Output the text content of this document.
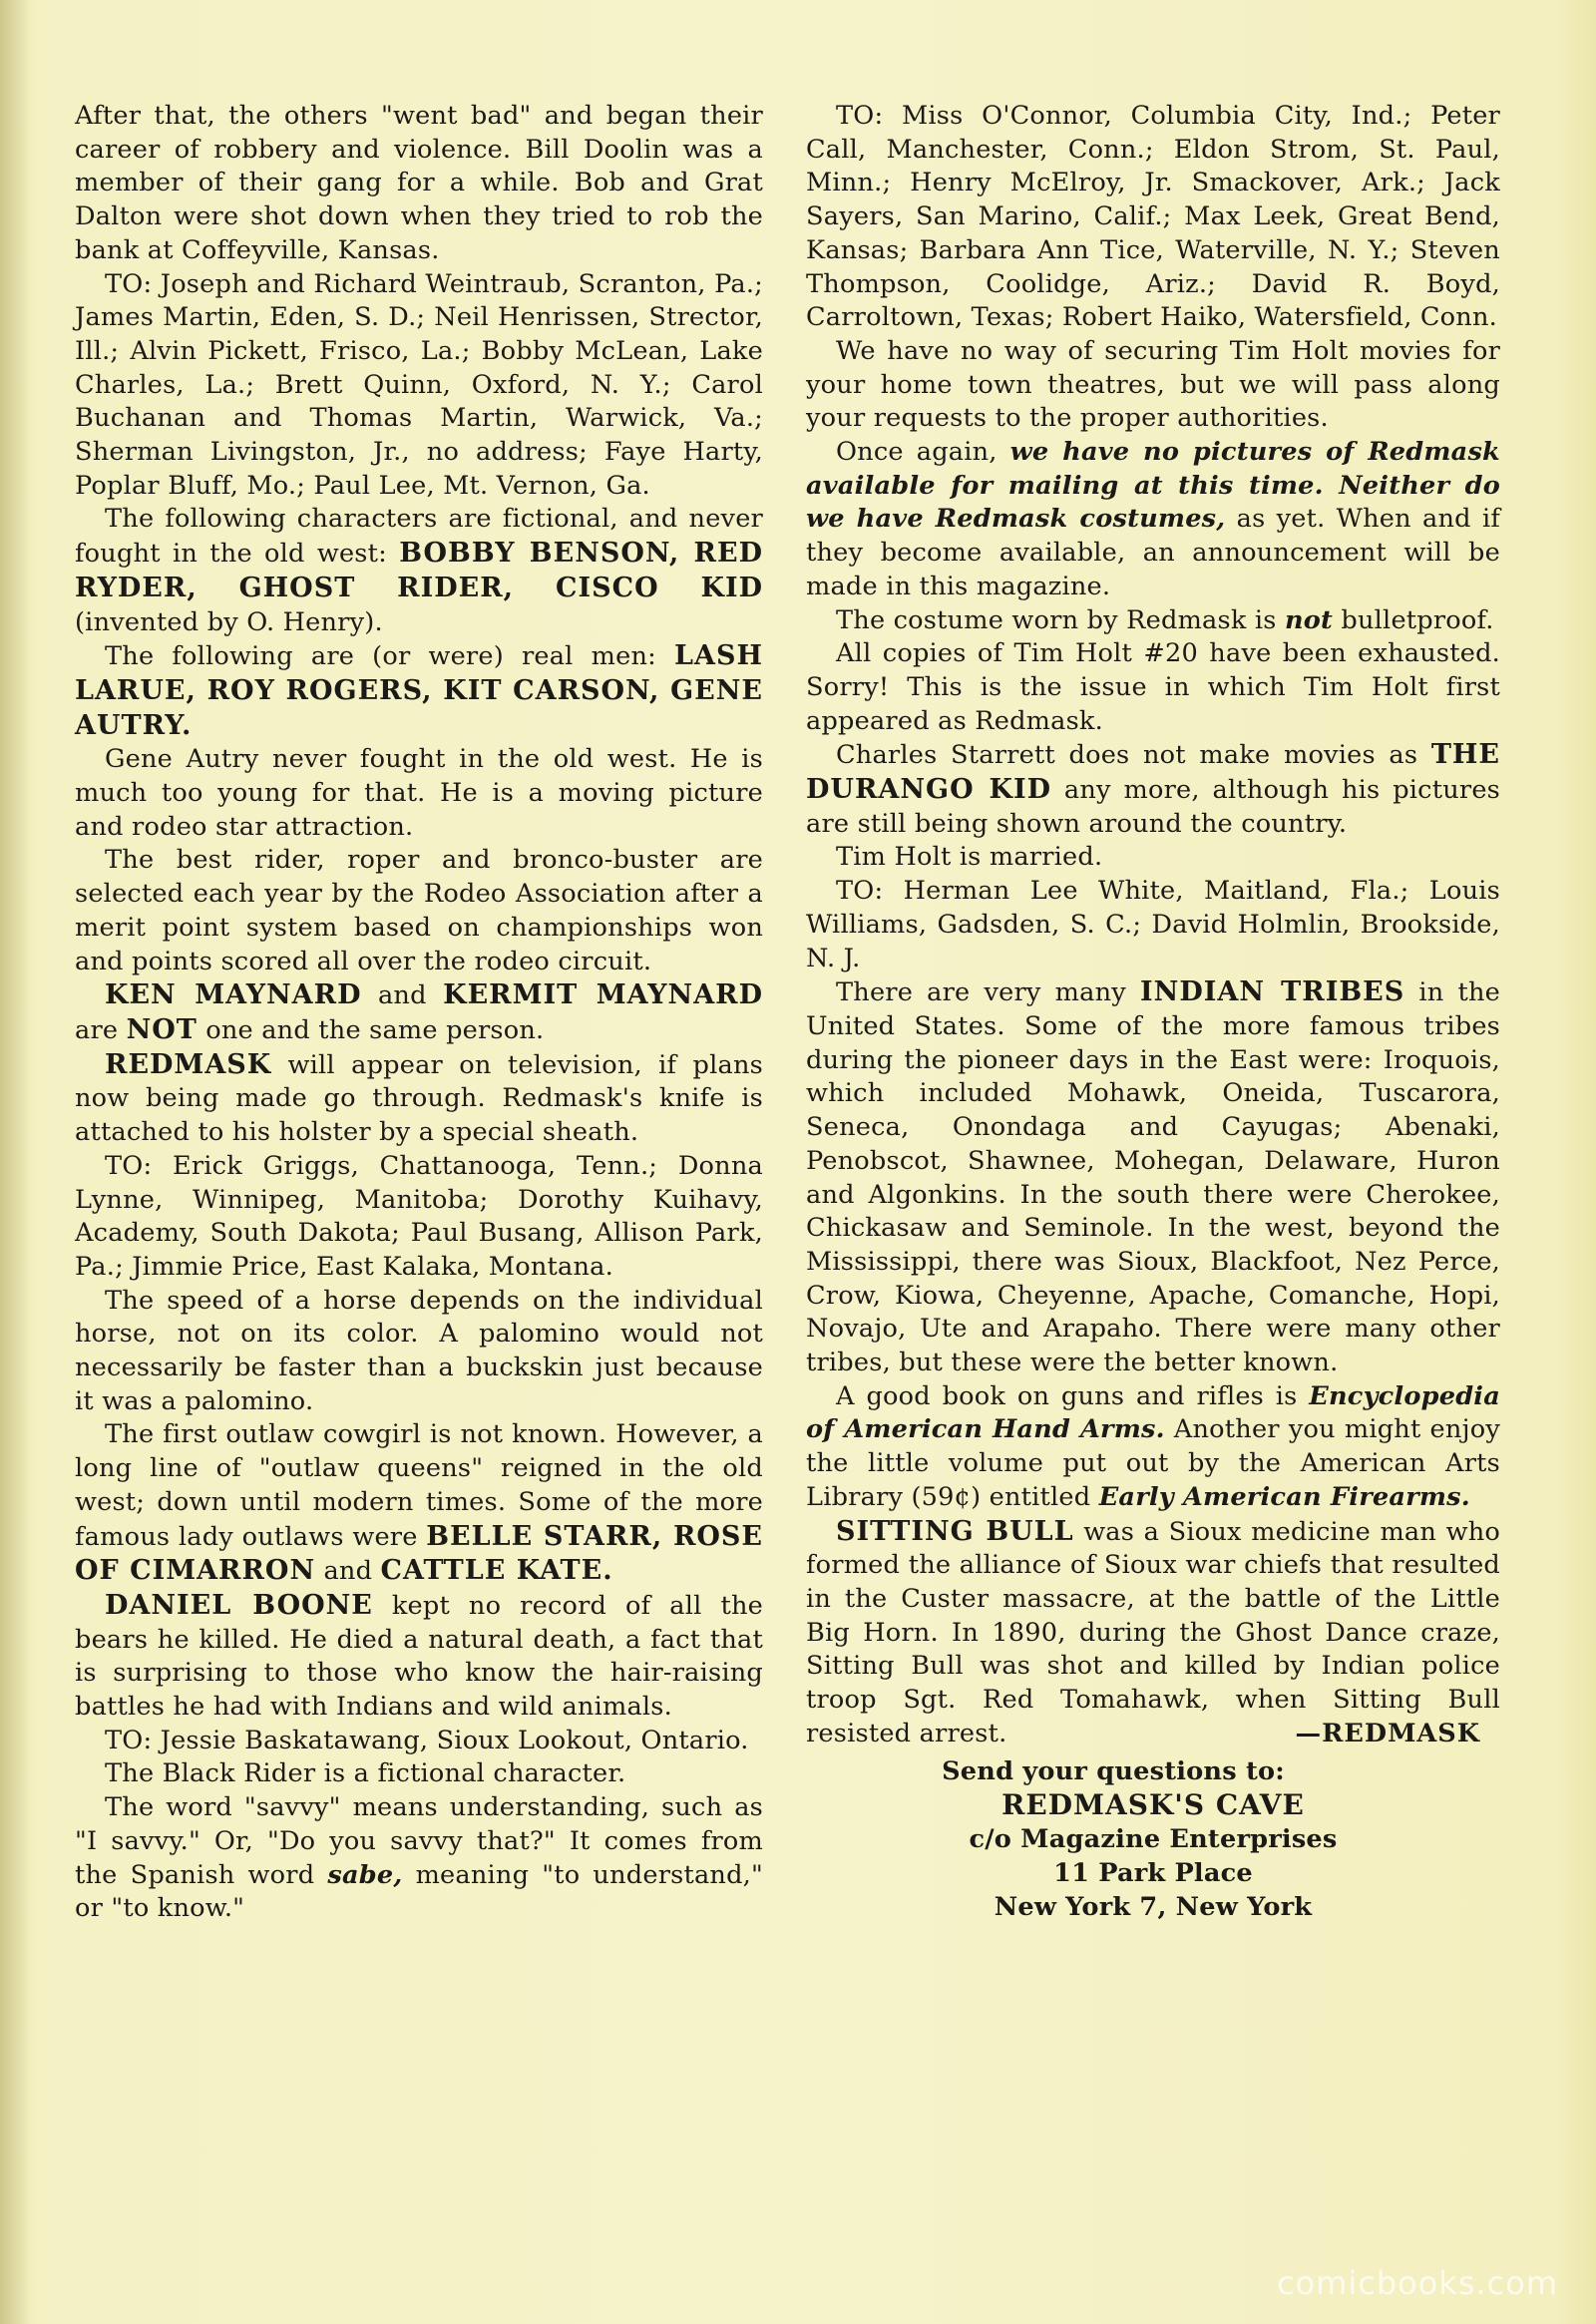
After that, the others "went bad" and began their career of robbery and violence. Bill Doolin was a member of their gang for a while. Bob and Grat Dalton were shot down when they tried to rob the bank at Coffeyville, Kansas.

TO: Joseph and Richard Weintraub, Scranton, Pa.; James Martin, Eden, S. D.; Neil Henrissen, Strector, Ill.; Alvin Pickett, Frisco, La.; Bobby McLean, Lake Charles, La.; Brett Quinn, Oxford, N. Y.; Carol Buchanan and Thomas Martin, Warwick, Va.; Sherman Livingston, Jr., no address; Faye Harty, Poplar Bluff, Mo.; Paul Lee, Mt. Vernon, Ga.

The following characters are fictional, and never fought in the old west: BOBBY BENSON, RED RYDER, GHOST RIDER, CISCO KID (invented by O. Henry).

The following are (or were) real men: LASH LARUE, ROY ROGERS, KIT CARSON, GENE AUTRY.

Gene Autry never fought in the old west. He is much too young for that. He is a moving picture and rodeo star attraction.

The best rider, roper and bronco-buster are selected each year by the Rodeo Association after a merit point system based on championships won and points scored all over the rodeo circuit.

KEN MAYNARD and KERMIT MAYNARD are NOT one and the same person.

REDMASK will appear on television, if plans now being made go through. Redmask's knife is attached to his holster by a special sheath.

TO: Erick Griggs, Chattanooga, Tenn.; Donna Lynne, Winnipeg, Manitoba; Dorothy Kuihavy, Academy, South Dakota; Paul Busang, Allison Park, Pa.; Jimmie Price, East Kalaka, Montana.

The speed of a horse depends on the individual horse, not on its color. A palomino would not necessarily be faster than a buckskin just because it was a palomino.

The first outlaw cowgirl is not known. However, a long line of "outlaw queens" reigned in the old west; down until modern times. Some of the more famous lady outlaws were BELLE STARR, ROSE OF CIMARRON and CATTLE KATE.

DANIEL BOONE kept no record of all the bears he killed. He died a natural death, a fact that is surprising to those who know the hair-raising battles he had with Indians and wild animals.

TO: Jessie Baskatawang, Sioux Lookout, Ontario.

The Black Rider is a fictional character.

The word "savvy" means understanding, such as "I savvy." Or, "Do you savvy that?" It comes from the Spanish word sabe, meaning "to understand," or "to know."

TO: Miss O'Connor, Columbia City, Ind.; Peter Call, Manchester, Conn.; Eldon Strom, St. Paul, Minn.; Henry McElroy, Jr. Smackover, Ark.; Jack Sayers, San Marino, Calif.; Max Leek, Great Bend, Kansas; Barbara Ann Tice, Waterville, N. Y.; Steven Thompson, Coolidge, Ariz.; David R. Boyd, Carroltown, Texas; Robert Haiko, Watersfield, Conn.

We have no way of securing Tim Holt movies for your home town theatres, but we will pass along your requests to the proper authorities.

Once again, we have no pictures of Redmask available for mailing at this time. Neither do we have Redmask costumes, as yet. When and if they become available, an announcement will be made in this magazine.

The costume worn by Redmask is not bulletproof.

All copies of Tim Holt #20 have been exhausted. Sorry! This is the issue in which Tim Holt first appeared as Redmask.

Charles Starrett does not make movies as THE DURANGO KID any more, although his pictures are still being shown around the country.

Tim Holt is married.

TO: Herman Lee White, Maitland, Fla.; Louis Williams, Gadsden, S. C.; David Holmlin, Brookside, N. J.

There are very many INDIAN TRIBES in the United States. Some of the more famous tribes during the pioneer days in the East were: Iroquois, which included Mohawk, Oneida, Tuscarora, Seneca, Onondaga and Cayugas; Abenaki, Penobscot, Shawnee, Mohegan, Delaware, Huron and Algonkins. In the south there were Cherokee, Chickasaw and Seminole. In the west, beyond the Mississippi, there was Sioux, Blackfoot, Nez Perce, Crow, Kiowa, Cheyenne, Apache, Comanche, Hopi, Novajo, Ute and Arapaho. There were many other tribes, but these were the better known.

A good book on guns and rifles is Encyclopedia of American Hand Arms. Another you might enjoy the little volume put out by the American Arts Library (59¢) entitled Early American Firearms.

SITTING BULL was a Sioux medicine man who formed the alliance of Sioux war chiefs that resulted in the Custer massacre, at the battle of the Little Big Horn. In 1890, during the Ghost Dance craze, Sitting Bull was shot and killed by Indian police troop Sgt. Red Tomahawk, when Sitting Bull resisted arrest.	—REDMASK
Send your questions to:
REDMASK'S CAVE
c/o Magazine Enterprises
11 Park Place
New York 7, New York
comicbooks.com
